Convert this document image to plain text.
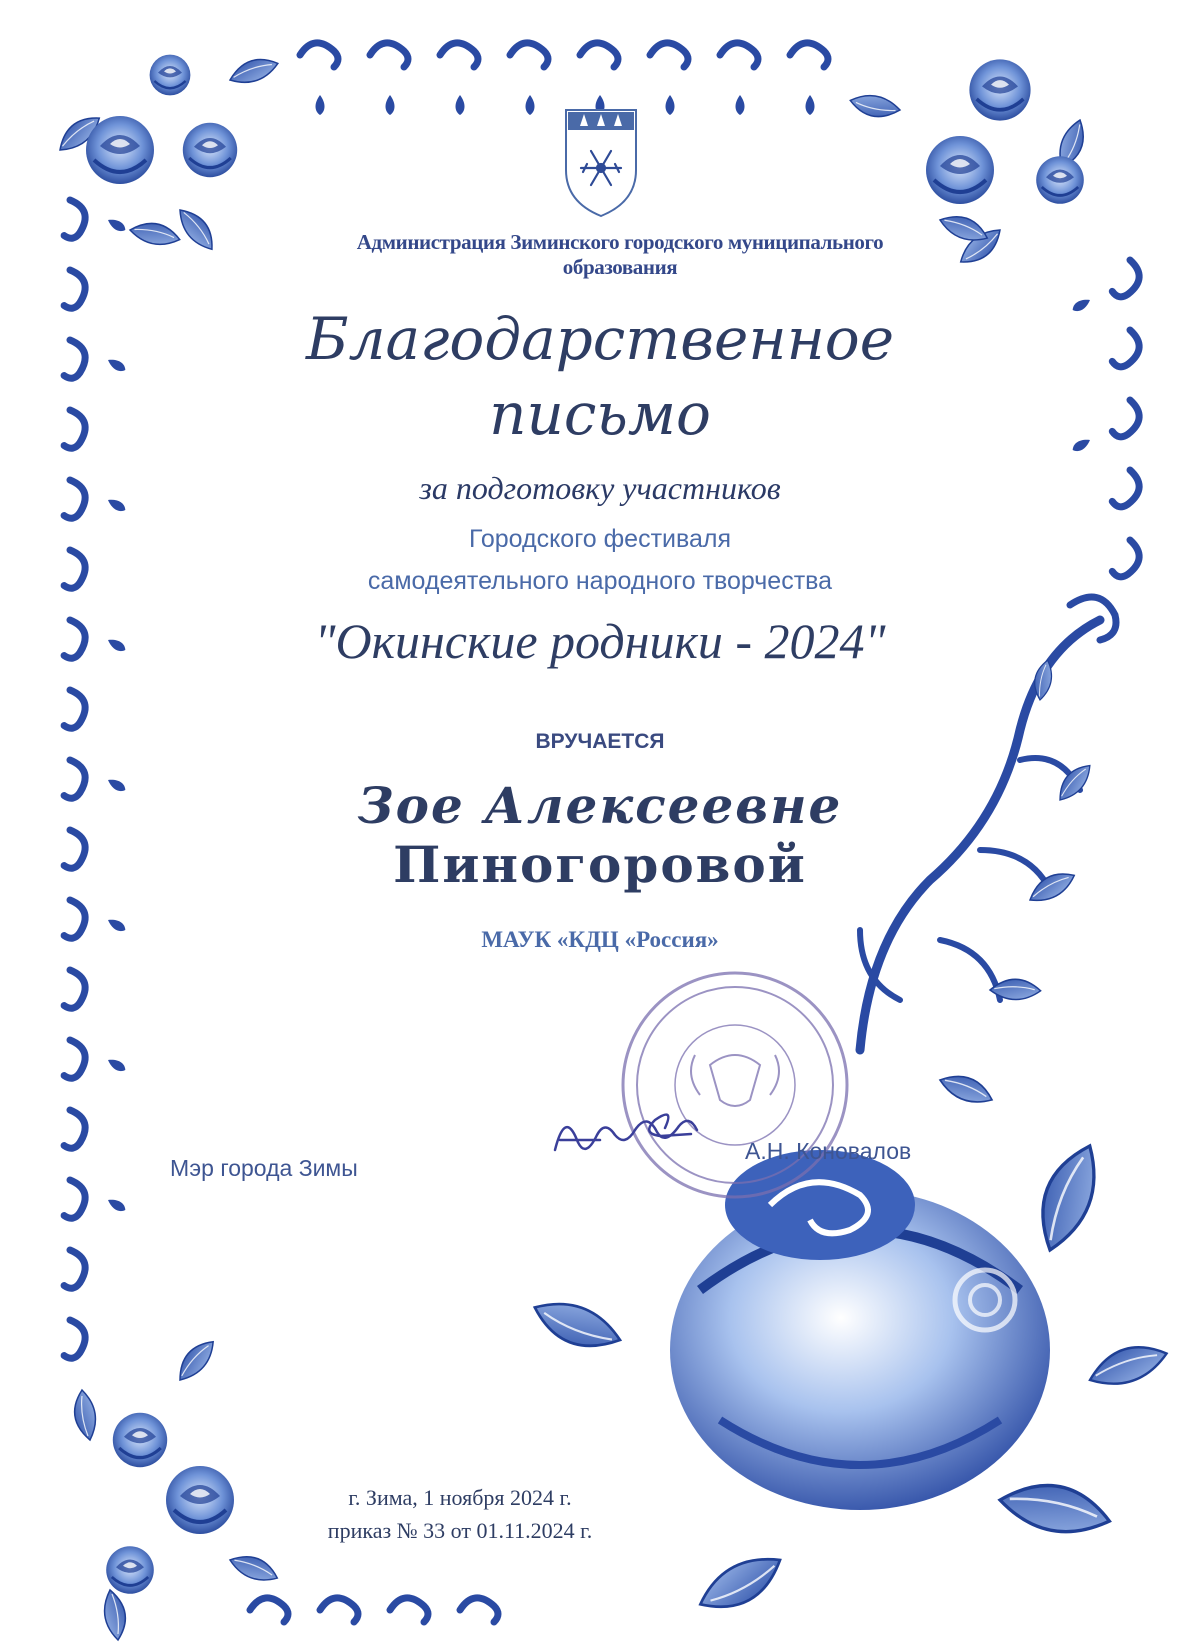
Администрация Зиминского городского муниципального образования
Благодарственное
письмо
за подготовку участников
Городского фестиваля
самодеятельного народного творчества
"Окинские родники - 2024"
ВРУЧАЕТСЯ
Зое Алексеевне
Пиногоровой
МАУК «КДЦ «Россия»
Мэр города Зимы
А.Н. Коновалов
г. Зима, 1 ноября 2024 г.
приказ № 33 от 01.11.2024 г.
